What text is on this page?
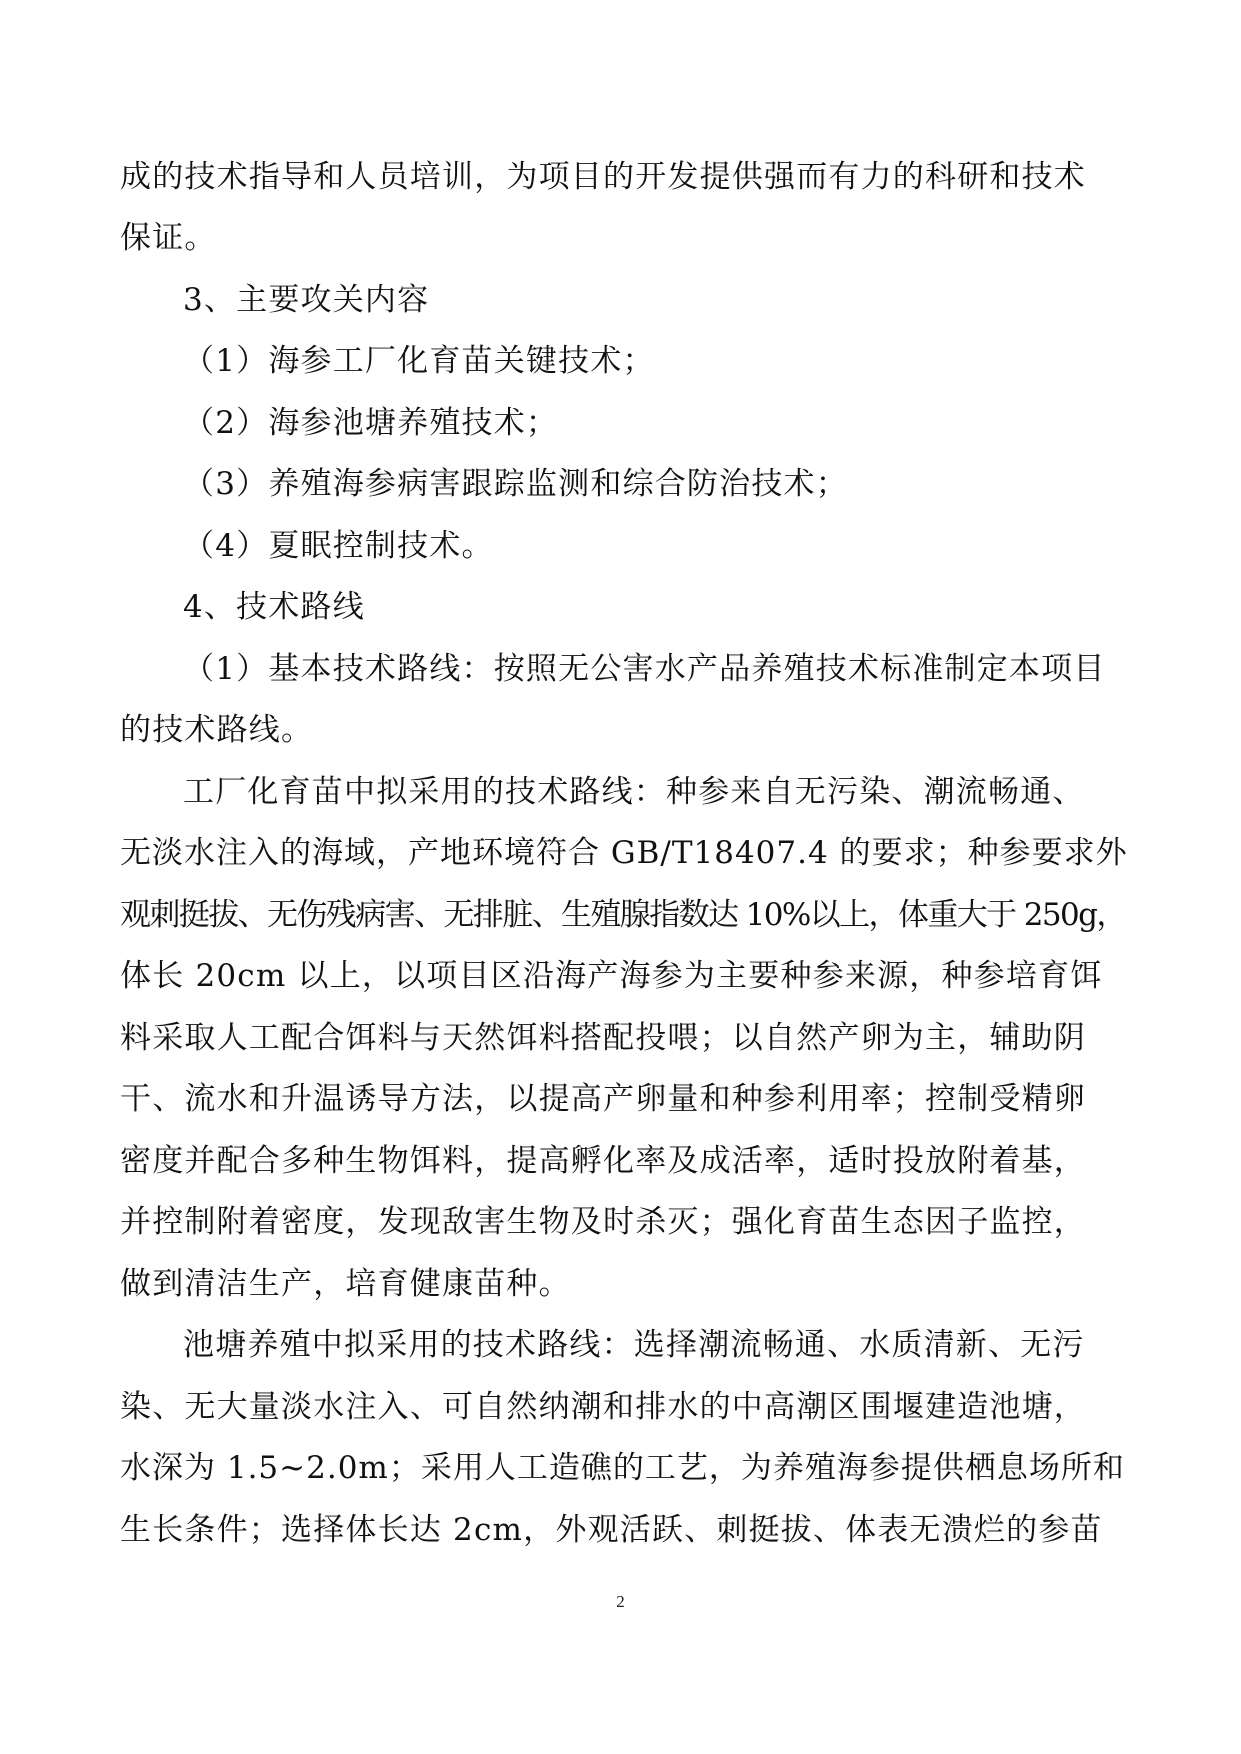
成的技术指导和人员培训，为项目的开发提供强而有力的科研和技术
保证。
3、主要攻关内容
（1）海参工厂化育苗关键技术；
（2）海参池塘养殖技术；
（3）养殖海参病害跟踪监测和综合防治技术；
（4）夏眠控制技术。
4、技术路线
（1）基本技术路线：按照无公害水产品养殖技术标准制定本项目
的技术路线。
工厂化育苗中拟采用的技术路线：种参来自无污染、潮流畅通、
无淡水注入的海域，产地环境符合 GB/T18407.4 的要求；种参要求外
观刺挺拔、无伤残病害、无排脏、生殖腺指数达 10%以上，体重大于 250g，
体长 20cm 以上，以项目区沿海产海参为主要种参来源，种参培育饵
料采取人工配合饵料与天然饵料搭配投喂；以自然产卵为主，辅助阴
干、流水和升温诱导方法，以提高产卵量和种参利用率；控制受精卵
密度并配合多种生物饵料，提高孵化率及成活率，适时投放附着基，
并控制附着密度，发现敌害生物及时杀灭；强化育苗生态因子监控，
做到清洁生产，培育健康苗种。
池塘养殖中拟采用的技术路线：选择潮流畅通、水质清新、无污
染、无大量淡水注入、可自然纳潮和排水的中高潮区围堰建造池塘，
水深为 1.5~2.0m；采用人工造礁的工艺，为养殖海参提供栖息场所和
生长条件；选择体长达 2cm，外观活跃、刺挺拔、体表无溃烂的参苗
2
